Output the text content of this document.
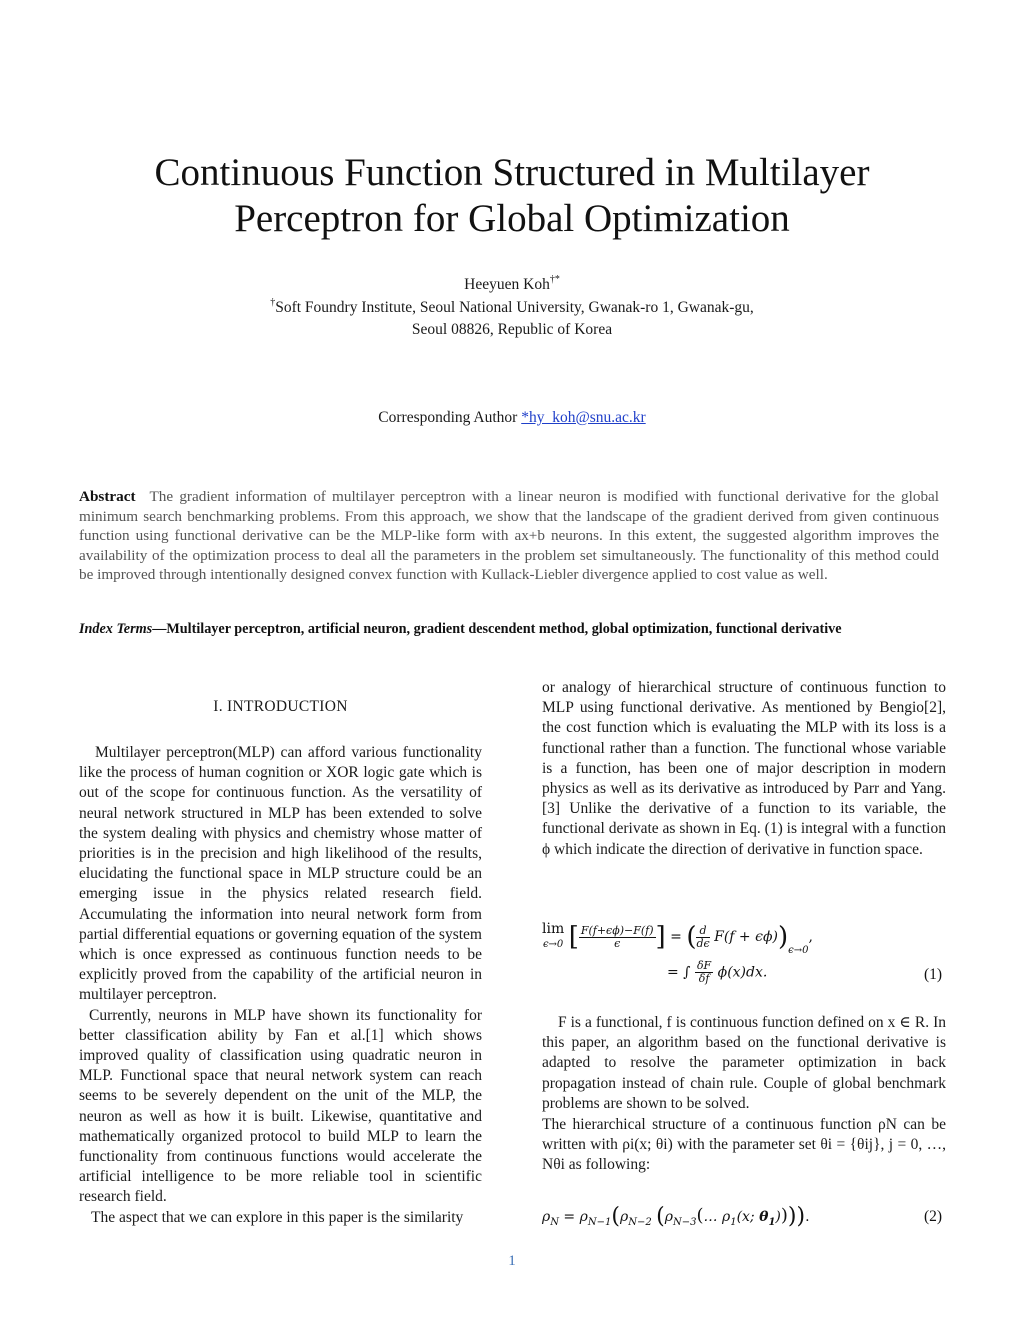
Continuous Function Structured in Multilayer
Perceptron for Global Optimization
Heeyuen Koh†*
†Soft Foundry Institute, Seoul National University, Gwanak-ro 1, Gwanak-gu,
Seoul 08826, Republic of Korea
Corresponding Author *hy_koh@snu.ac.kr
Abstract The gradient information of multilayer perceptron with a linear neuron is modified with functional derivative for the global minimum search benchmarking problems. From this approach, we show that the landscape of the gradient derived from given continuous function using functional derivative can be the MLP-like form with ax+b neurons. In this extent, the suggested algorithm improves the availability of the optimization process to deal all the parameters in the problem set simultaneously. The functionality of this method could be improved through intentionally designed convex function with Kullack-Liebler divergence applied to cost value as well.
Index Terms—Multilayer perceptron, artificial neuron, gradient descendent method, global optimization, functional derivative
I. INTRODUCTION

Multilayer perceptron(MLP) can afford various functionality like the process of human cognition or XOR logic gate which is out of the scope for continuous function. As the versatility of neural network structured in MLP has been extended to solve the system dealing with physics and chemistry whose matter of priorities is in the precision and high likelihood of the results, elucidating the functional space in MLP structure could be an emerging issue in the physics related research field. Accumulating the information into neural network form from partial differential equations or governing equation of the system which is once expressed as continuous function needs to be explicitly proved from the capability of the artificial neuron in multilayer perceptron.

Currently, neurons in MLP have shown its functionality for better classification ability by Fan et al.[1] which shows improved quality of classification using quadratic neuron in MLP. Functional space that neural network system can reach seems to be severely dependent on the unit of the MLP, the neuron as well as how it is built. Likewise, quantitative and mathematically organized protocol to build MLP to learn the functionality from continuous functions would accelerate the artificial intelligence to be more reliable tool in scientific research field.

The aspect that we can explore in this paper is the similarity

or analogy of hierarchical structure of continuous function to MLP using functional derivative. As mentioned by Bengio[2], the cost function which is evaluating the MLP with its loss is a functional rather than a function. The functional whose variable is a function, has been one of major description in modern physics as well as its derivative as introduced by Parr and Yang.[3] Unlike the derivative of a function to its variable, the functional derivate as shown in Eq. (1) is integral with a function ϕ which indicate the direction of derivative in function space.
lim
ϵ→0 [ $\frac{F(f+\epsilon\phi)-F(f)}{\epsilon}$ ] = ( $\frac{d}{d\epsilon} F(f + \epsilon\phi))_{\epsilon\to 0}$,
= ∫ $\frac{\delta F}{\delta f} \phi(x)dx$.	(1)
F is a functional, f is continuous function defined on x ∈ R. In this paper, an algorithm based on the functional derivative is adapted to resolve the parameter optimization in back propagation instead of chain rule. Couple of global benchmark problems are shown to be solved.
The hierarchical structure of a continuous function ρN can be written with ρi(x; θi) with the parameter set θi = {θij}, j = 0, …, Nθi as following:
$\rho_N = \rho_{N-1}(\rho_{N-2}$ ($\rho_{N-3}(\dots$ $\rho_1(x$; $\theta_1$)))).	(2)
1
